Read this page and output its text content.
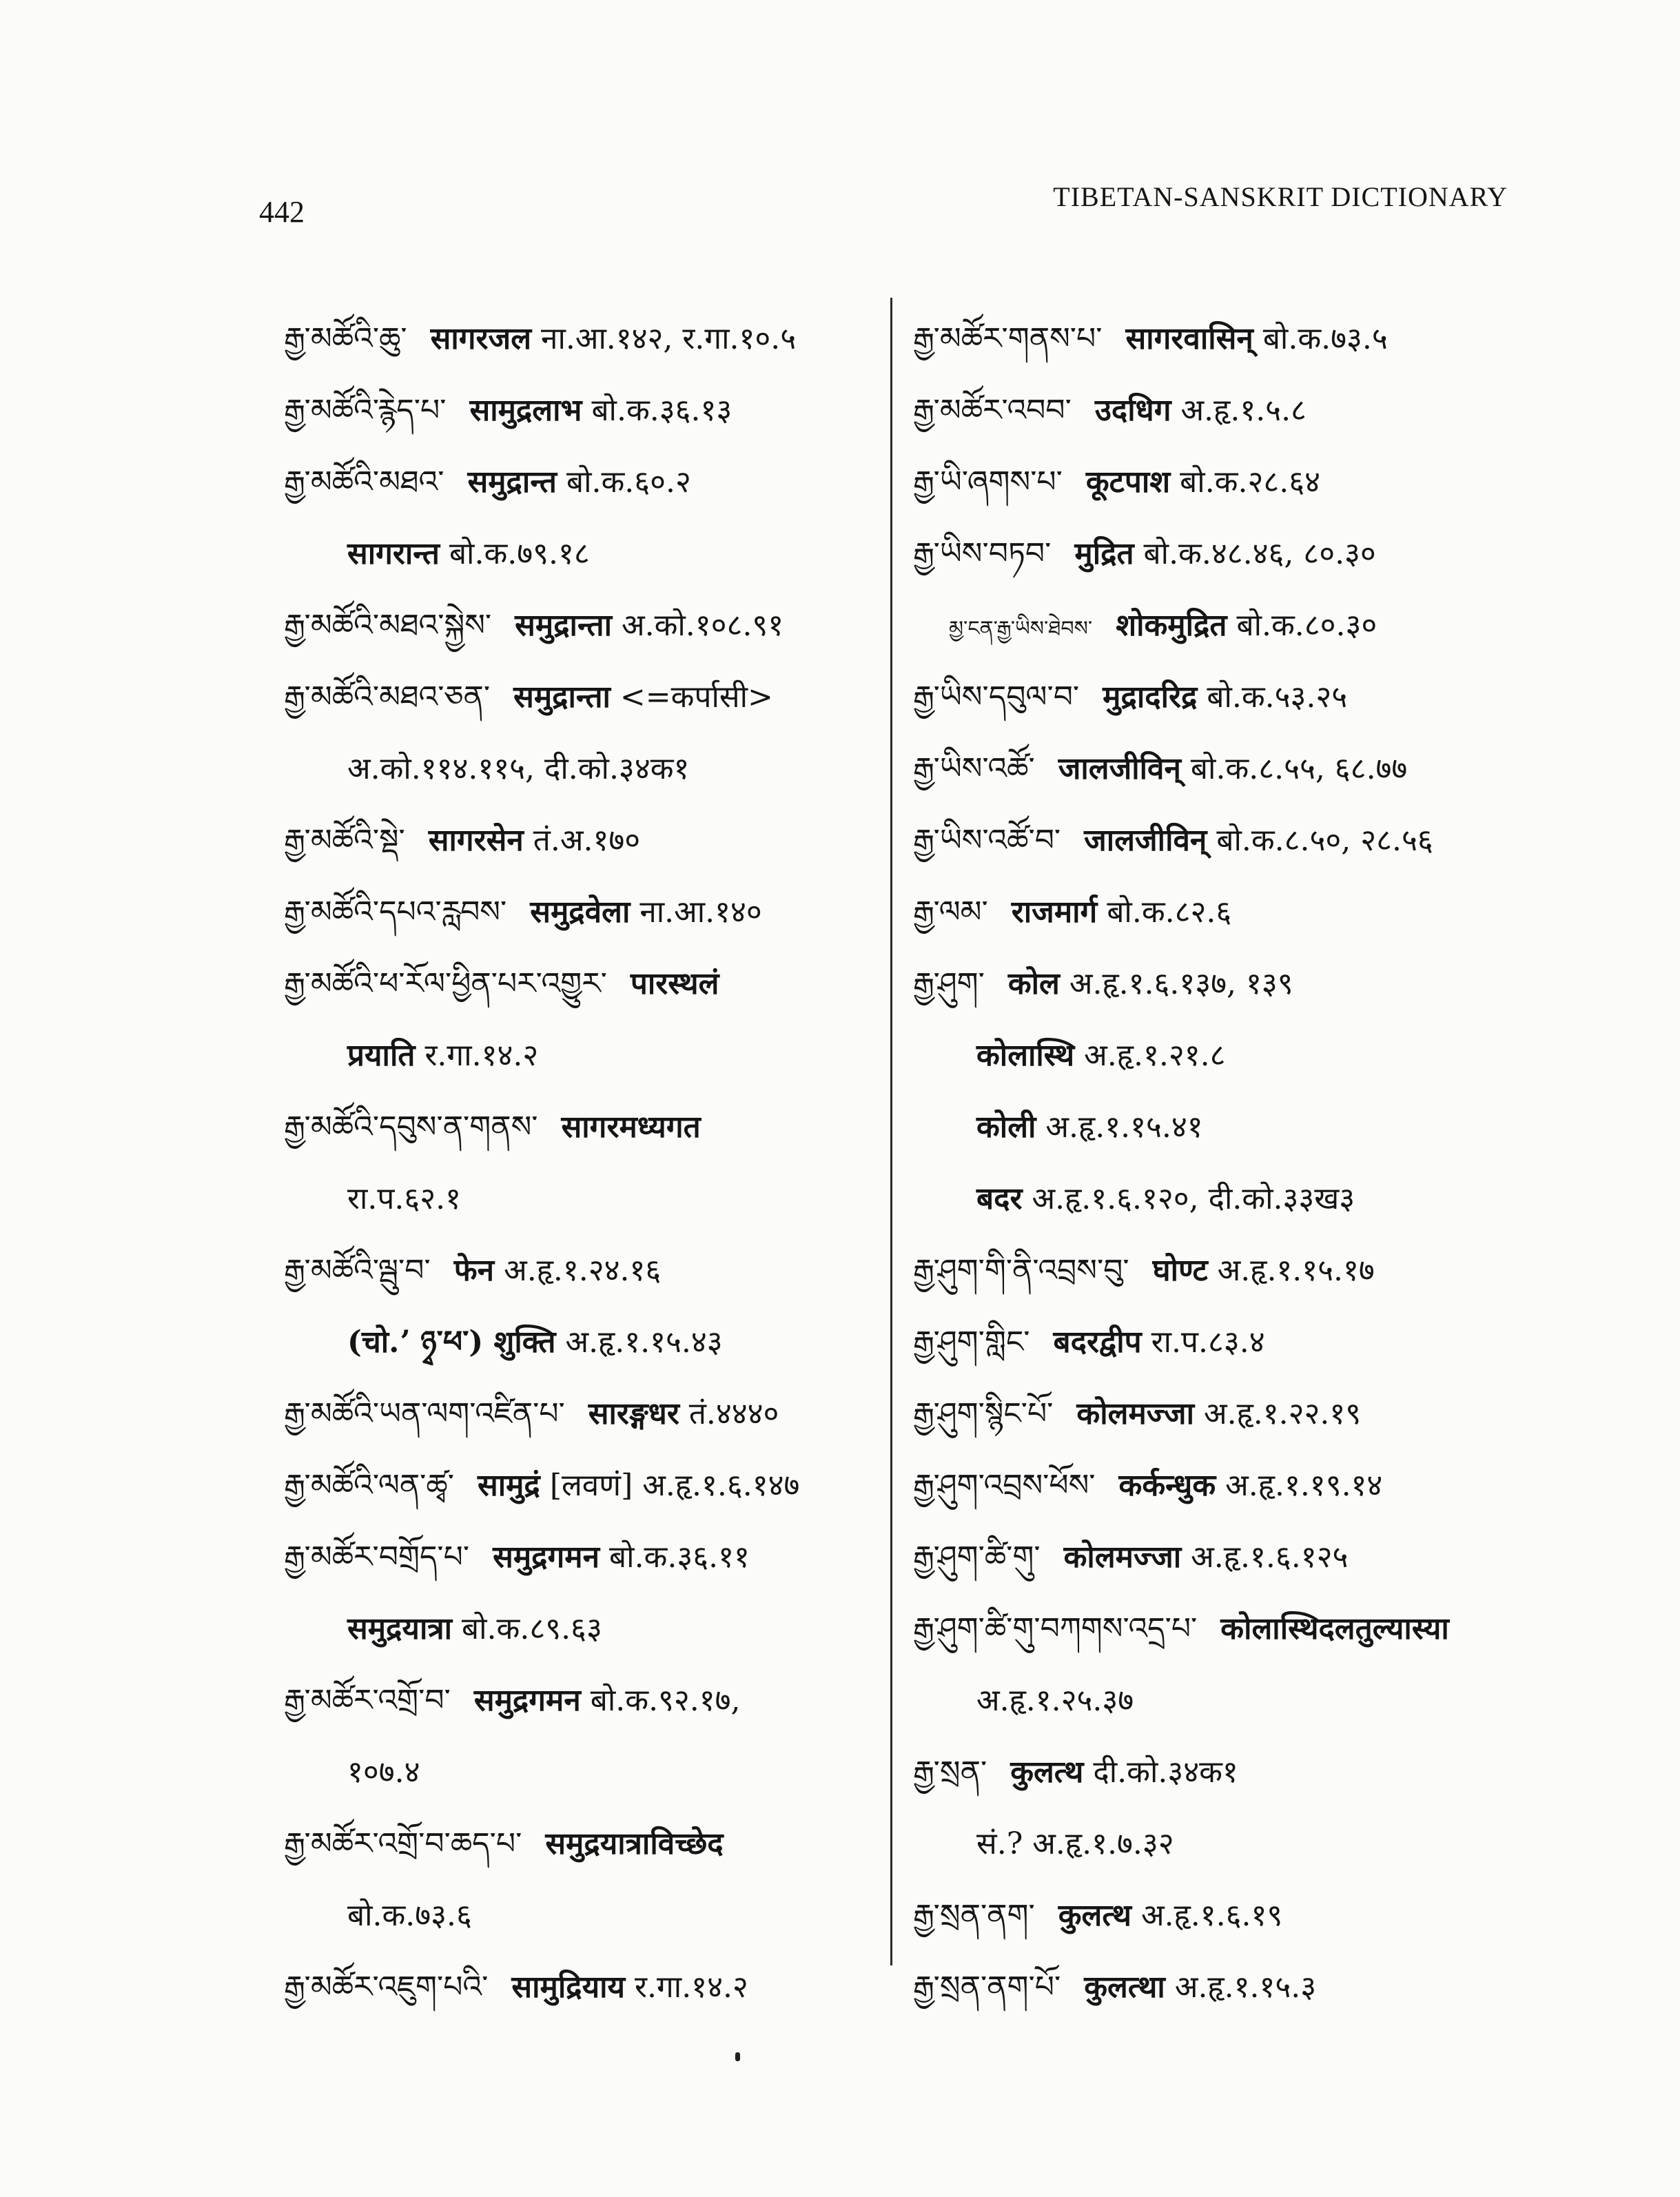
442	TIBETAN-SANSKRIT DICTIONARY
རྒྱ་མཚོའི་ཆུ་ सागरजल ना.आ.१४२, र.गा.१०.५
རྒྱ་མཚོའི་རྙེད་པ་ सामुद्रलाभ बो.क.३६.१३
རྒྱ་མཚོའི་མཐའ་ समुद्रान्त बो.क.६०.२
सागरान्त बो.क.७९.१८
རྒྱ་མཚོའི་མཐའ་སྐྱེས་ समुद्रान्ता अ.को.१०८.९१
རྒྱ་མཚོའི་མཐའ་ཅན་ समुद्रान्ता <=कर्पासी>
अ.को.११४.११५, दी.को.३४क१
རྒྱ་མཚོའི་སྡེ་ सागरसेन तं.अ.१७०
རྒྱ་མཚོའི་དཔའ་རླབས་ समुद्रवेला ना.आ.१४०
རྒྱ་མཚོའི་ཕ་རོལ་ཕྱིན་པར་འགྱུར་ पारस्थलं
प्रयाति र.गा.१४.२
རྒྱ་མཚོའི་དབུས་ན་གནས་ सागरमध्यगत
रा.प.६२.१
རྒྱ་མཚོའི་ལྦུ་བ་ फेन अ.हृ.१.२४.१६
(चो.ʼ ཉྭ་ཕ་) शुक्ति अ.हृ.१.१५.४३
རྒྱ་མཚོའི་ཡན་ལག་འཛིན་པ་ सारङ्गधर तं.४४४०
རྒྱ་མཚོའི་ལན་ཚྭ་ सामुद्रं [लवणं] अ.हृ.१.६.१४७
རྒྱ་མཚོར་བགྲོད་པ་ समुद्रगमन बो.क.३६.११
समुद्रयात्रा बो.क.८९.६३
རྒྱ་མཚོར་འགྲོ་བ་ समुद्रगमन बो.क.९२.१७,
१०७.४
རྒྱ་མཚོར་འགྲོ་བ་ཆད་པ་ समुद्रयात्राविच्छेद
बो.क.७३.६
རྒྱ་མཚོར་འཇུག་པའི་ सामुद्रियाय र.गा.१४.२
རྒྱ་མཚོར་གནས་པ་ सागरवासिन् बो.क.७३.५
རྒྱ་མཚོར་འབབ་ उदधिग अ.हृ.१.५.८
རྒྱ་ཡི་ཞགས་པ་ कूटपाश बो.क.२८.६४
རྒྱ་ཡིས་བཏབ་ मुद्रित बो.क.४८.४६, ८०.३०
མྱ་ངན་རྒྱ་ཡིས་ཐེབས་ शोकमुद्रित बो.क.८०.३०
རྒྱ་ཡིས་དབུལ་བ་ मुद्रादरिद्र बो.क.५३.२५
རྒྱ་ཡིས་འཚོ་ जालजीविन् बो.क.८.५५, ६८.७७
རྒྱ་ཡིས་འཚོ་བ་ जालजीविन् बो.क.८.५०, २८.५६
རྒྱ་ལམ་ राजमार्ग बो.क.८२.६
རྒྱ་ཤུག་ कोल अ.हृ.१.६.१३७, १३९
कोलास्थि अ.हृ.१.२१.८
कोली अ.हृ.१.१५.४१
बदर अ.हृ.१.६.१२०, दी.को.३३ख३
རྒྱ་ཤུག་གི་ནི་འབྲས་བུ་ घोण्ट अ.हृ.१.१५.१७
རྒྱ་ཤུག་གླིང་ बदरद्वीप रा.प.८३.४
རྒྱ་ཤུག་སྙིང་པོ་ कोलमज्जा अ.हृ.१.२२.१९
རྒྱ་ཤུག་འབྲས་ཕོས་ कर्कन्धुक अ.हृ.१.१९.१४
རྒྱ་ཤུག་ཚི་གུ་ कोलमज्जा अ.हृ.१.६.१२५
རྒྱ་ཤུག་ཚི་གུ་བཀགས་འདྲ་པ་ कोलास्थिदलतुल्यास्या
अ.हृ.१.२५.३७
རྒྱ་སྲན་ कुलत्थ दी.को.३४क१
सं.? अ.हृ.१.७.३२
རྒྱ་སྲན་ནག་ कुलत्थ अ.हृ.१.६.१९
རྒྱ་སྲན་ནག་པོ་ कुलत्था अ.हृ.१.१५.३
